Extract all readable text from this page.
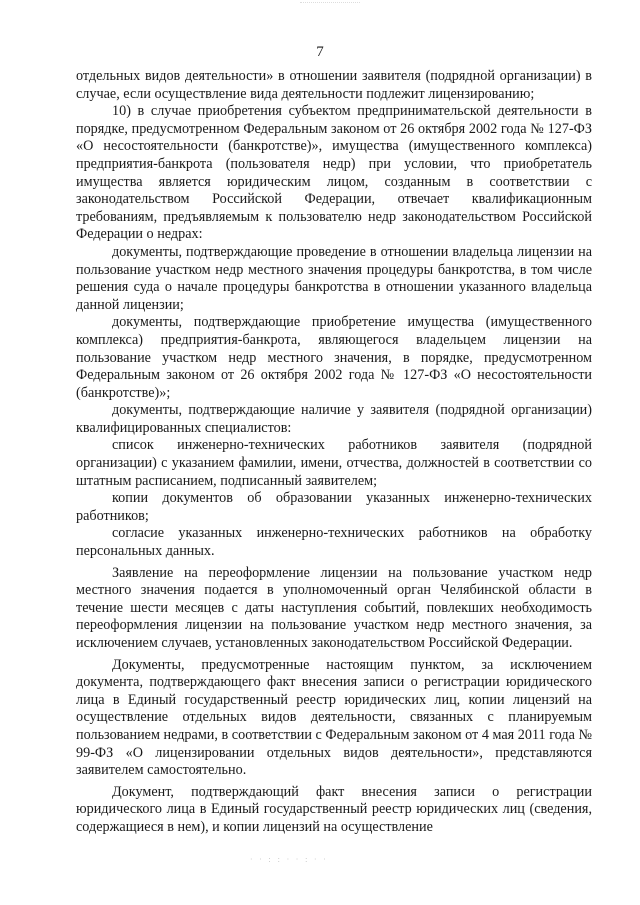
7

отдельных видов деятельности» в отношении заявителя (подрядной организации) в случае, если осуществление вида деятельности подлежит лицензированию;

10) в случае приобретения субъектом предпринимательской деятельности в порядке, предусмотренном Федеральным законом от 26 октября 2002 года № 127-ФЗ «О несостоятельности (банкротстве)», имущества (имущественного комплекса) предприятия-банкрота (пользователя недр) при условии, что приобретатель имущества является юридическим лицом, созданным в соответствии с законодательством Российской Федерации, отвечает квалификационным требованиям, предъявляемым к пользователю недр законодательством Российской Федерации о недрах:

документы, подтверждающие проведение в отношении владельца лицензии на пользование участком недр местного значения процедуры банкротства, в том числе решения суда о начале процедуры банкротства в отношении указанного владельца данной лицензии;

документы, подтверждающие приобретение имущества (имущественного комплекса) предприятия-банкрота, являющегося владельцем лицензии на пользование участком недр местного значения, в порядке, предусмотренном Федеральным законом от 26 октября 2002 года № 127-ФЗ «О несостоятельности (банкротстве)»;

документы, подтверждающие наличие у заявителя (подрядной организации) квалифицированных специалистов:

список инженерно-технических работников заявителя (подрядной организации) с указанием фамилии, имени, отчества, должностей в соответствии со штатным расписанием, подписанный заявителем;

копии документов об образовании указанных инженерно-технических работников;

согласие указанных инженерно-технических работников на обработку персональных данных.

Заявление на переоформление лицензии на пользование участком недр местного значения подается в уполномоченный орган Челябинской области в течение шести месяцев с даты наступления событий, повлекших необходимость переоформления лицензии на пользование участком недр местного значения, за исключением случаев, установленных законодательством Российской Федерации.

Документы, предусмотренные настоящим пунктом, за исключением документа, подтверждающего факт внесения записи о регистрации юридического лица в Единый государственный реестр юридических лиц, копии лицензий на осуществление отдельных видов деятельности, связанных с планируемым пользованием недрами, в соответствии с Федеральным законом от 4 мая 2011 года № 99-ФЗ «О лицензировании отдельных видов деятельности», представляются заявителем самостоятельно.

Документ, подтверждающий факт внесения записи о регистрации юридического лица в Единый государственный реестр юридических лиц (сведения, содержащиеся в нем), и копии лицензий на осуществление

· · : : · · : · ·
